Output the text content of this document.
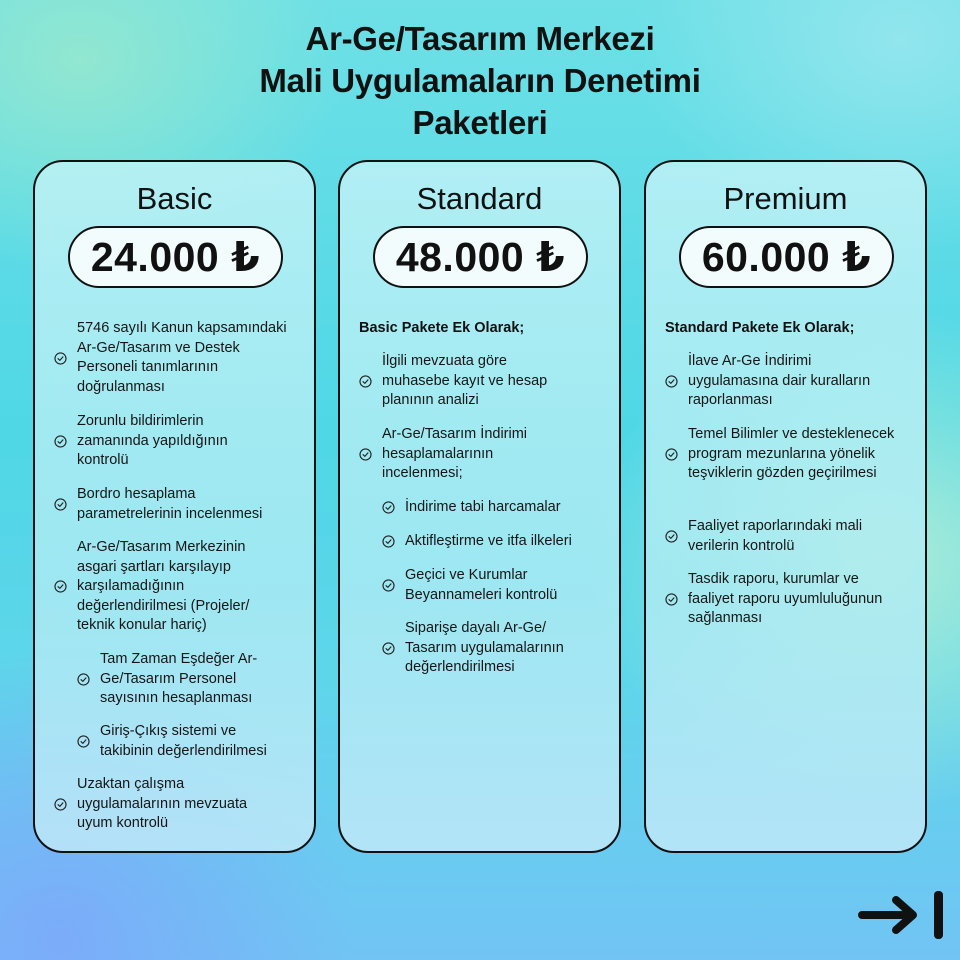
Ar-Ge/Tasarım Merkezi
Mali Uygulamaların Denetimi
Paketleri
Basic
24.000 ₺
5746 sayılı Kanun kapsamındaki Ar-Ge/Tasarım ve Destek Personeli tanımlarının doğrulanması
Zorunlu bildirimlerin zamanında yapıldığının kontrolü
Bordro hesaplama parametrelerinin incelenmesi
Ar-Ge/Tasarım Merkezinin asgari şartları karşılayıp karşılamadığının değerlendirilmesi (Projeler/ teknik konular hariç)
Tam Zaman Eşdeğer Ar-Ge/Tasarım Personel sayısının hesaplanması
Giriş-Çıkış sistemi ve takibinin değerlendirilmesi
Uzaktan çalışma uygulamalarının mevzuata uyum kontrolü
Standard
48.000 ₺
Basic Pakete Ek Olarak;
İlgili mevzuata göre muhasebe kayıt ve hesap planının analizi
Ar-Ge/Tasarım İndirimi hesaplamalarının incelenmesi;
İndirime tabi harcamalar
Aktifleştirme ve itfa ilkeleri
Geçici ve Kurumlar Beyannameleri kontrolü
Siparişe dayalı Ar-Ge/ Tasarım uygulamalarının değerlendirilmesi
Premium
60.000 ₺
Standard Pakete Ek Olarak;
İlave Ar-Ge İndirimi uygulamasına dair kuralların raporlanması
Temel Bilimler ve desteklenecek program mezunlarına yönelik teşviklerin gözden geçirilmesi
Faaliyet raporlarındaki mali verilerin kontrolü
Tasdik raporu, kurumlar ve faaliyet raporu uyumluluğunun sağlanması
